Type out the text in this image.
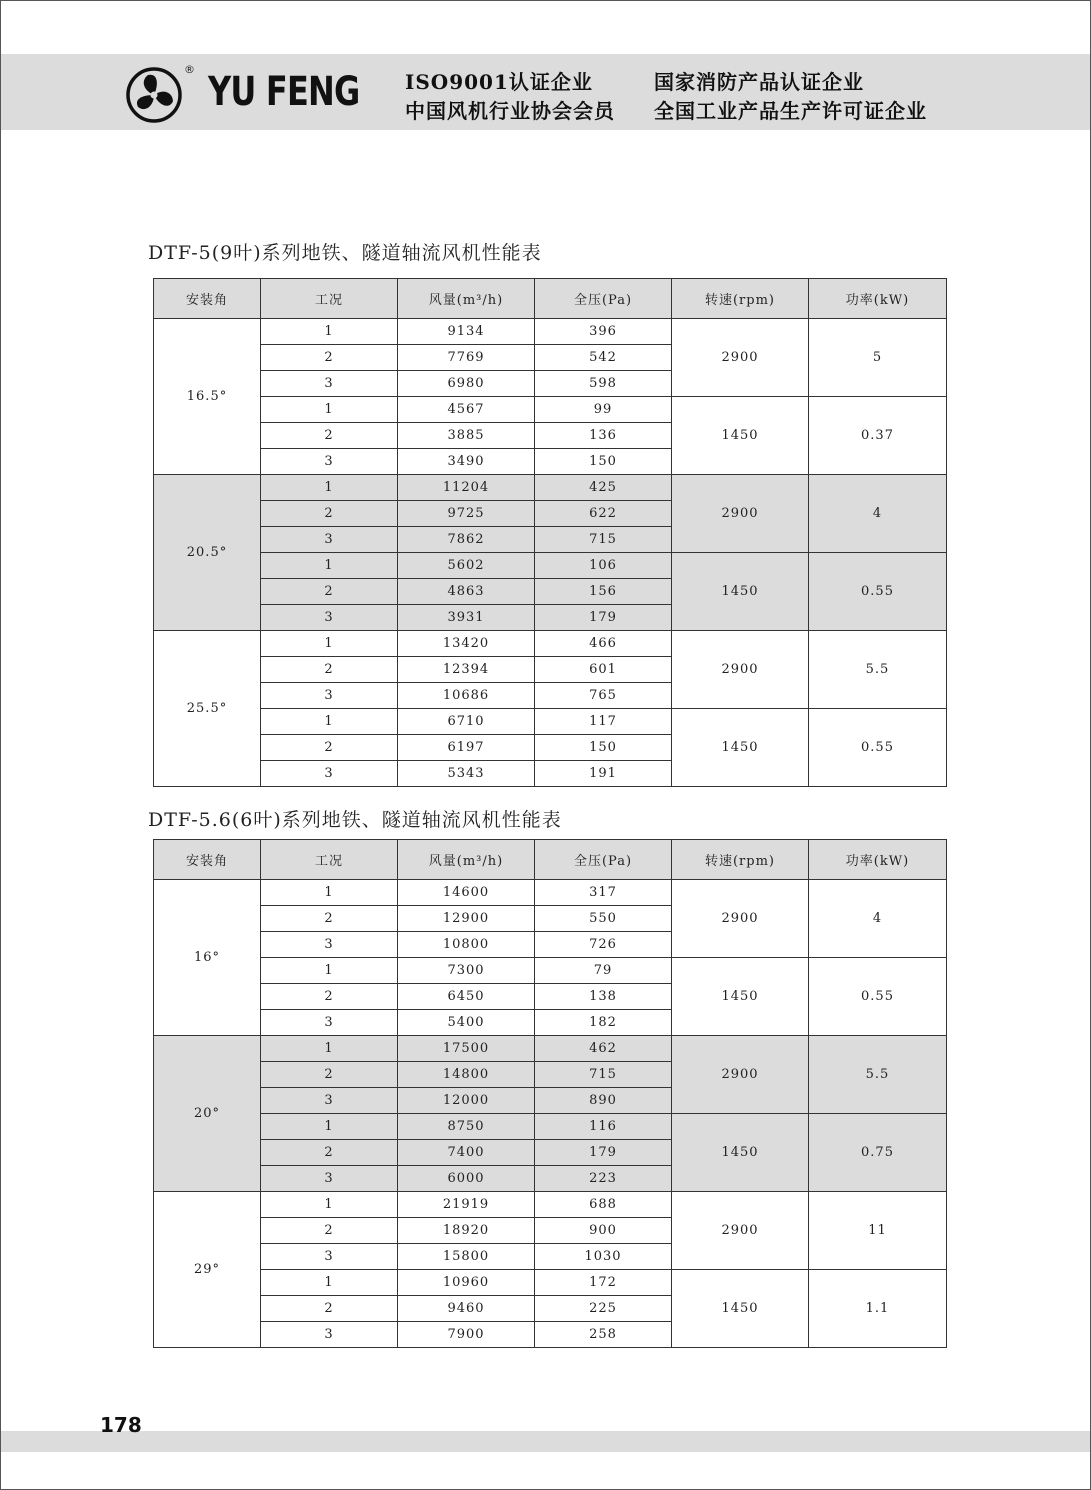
® YU FENG ISO9001认证企业	国家消防产品认证企业
中国风机行业协会会员 全国工业产品生产许可证企业
DTF-5(9叶)系列地铁、隧道轴流风机性能表
安装角	工况	风量(m³/h)	全压(Pa)	转速(rpm)	功率(kW)
16.5°	1	9134	396	2900	5
	2	7769	542		
	3	6980	598		
	1	4567	99	1450	0.37
	2	3885	136		
	3	3490	150		
20.5°	1	11204	425	2900	4
	2	9725	622		
	3	7862	715		
	1	5602	106	1450	0.55
	2	4863	156		
	3	3931	179		
25.5°	1	13420	466	2900	5.5
	2	12394	601		
	3	10686	765		
	1	6710	117	1450	0.55
	2	6197	150		
	3	5343	191		
DTF-5.6(6叶)系列地铁、隧道轴流风机性能表
安装角	工况	风量(m³/h)	全压(Pa)	转速(rpm)	功率(kW)
16°	1	14600	317	2900	4
	2	12900	550		
	3	10800	726		
	1	7300	79	1450	0.55
	2	6450	138		
	3	5400	182		
20°	1	17500	462	2900	5.5
	2	14800	715		
	3	12000	890		
	1	8750	116	1450	0.75
	2	7400	179		
	3	6000	223		
29°	1	21919	688	2900	11
	2	18920	900		
	3	15800	1030		
	1	10960	172	1450	1.1
	2	9460	225		
	3	7900	258		
178
